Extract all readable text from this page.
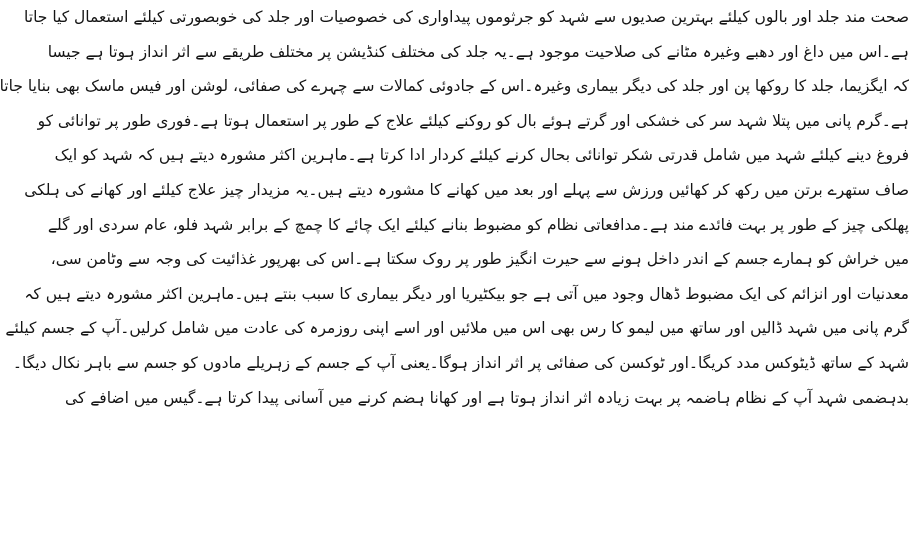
صحت مند جلد اور بالوں کیلئے بہترین صدیوں سے شہد کو جرثوموں پیداواری کی خصوصیات اور جلد کی خوبصورتی کیلئے استعمال کیا جاتا
ہے۔اس میں داغ اور دھبے وغیرہ مٹانے کی صلاحیت موجود ہے۔یہ جلد کی مختلف کنڈیشن پر مختلف طریقے سے اثر انداز ہوتا ہے جیسا
کہ ایگزیما، جلد کا روکھا پن اور جلد کی دیگر بیماری وغیرہ۔اس کے جادوئی کمالات سے چہرے کی صفائی، لوشن اور فیس ماسک بھی بنایا جاتا
ہے۔گرم پانی میں پتلا شہد سر کی خشکی اور گرتے ہوئے بال کو روکنے کیلئے علاج کے طور پر استعمال ہوتا ہے۔فوری طور پر توانائی کو
فروغ دینے کیلئے شہد میں شامل قدرتی شکر توانائی بحال کرنے کیلئے کردار ادا کرتا ہے۔ماہرین اکثر مشورہ دیتے ہیں کہ شہد کو ایک
صاف ستھرے برتن میں رکھ کر کھائیں ورزش سے پہلے اور بعد میں کھانے کا مشورہ دیتے ہیں۔یہ مزیدار چیز علاج کیلئے اور کھانے کی ہلکی
پھلکی چیز کے طور پر بہت فائدے مند ہے۔مدافعاتی نظام کو مضبوط بنانے کیلئے ایک چائے کا چمچ کے برابر شہد فلو، عام سردی اور گلے
میں خراش کو ہمارے جسم کے اندر داخل ہونے سے حیرت انگیز طور پر روک سکتا ہے۔اس کی بھرپور غذائیت کی وجہ سے وٹامن سی،
معدنیات اور انزائم کی ایک مضبوط ڈھال وجود میں آتی ہے جو بیکٹیریا اور دیگر بیماری کا سبب بنتے ہیں۔ماہرین اکثر مشورہ دیتے ہیں کہ
گرم پانی میں شہد ڈالیں اور ساتھ میں لیمو کا رس بھی اس میں ملائیں اور اسے اپنی روزمرہ کی عادت میں شامل کرلیں۔آپ کے جسم کیلئے
شہد کے ساتھ ڈیٹوکس مدد کریگا۔اور ٹوکسن کی صفائی پر اثر انداز ہوگا۔یعنی آپ کے جسم کے زہریلے مادوں کو جسم سے باہر نکال دیگا۔
بدہضمی شہد آپ کے نظام ہاضمہ پر بہت زیادہ اثر انداز ہوتا ہے اور کھانا ہضم کرنے میں آسانی پیدا کرتا ہے۔گیس میں اضافے کی
